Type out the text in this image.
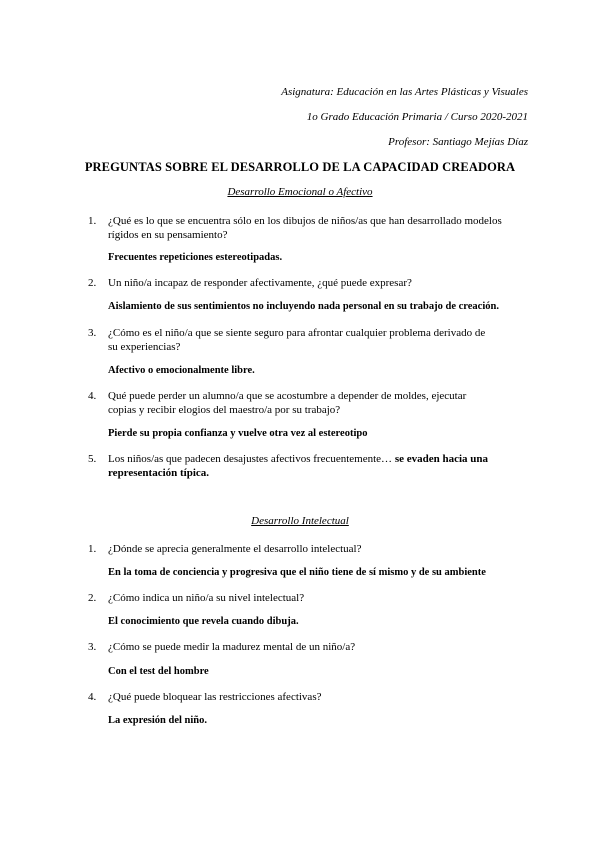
Asignatura: Educación en las Artes Plásticas y Visuales
1o Grado Educación Primaria / Curso 2020-2021
Profesor: Santiago Mejías Díaz
PREGUNTAS SOBRE EL DESARROLLO DE LA CAPACIDAD CREADORA
Desarrollo Emocional o Afectivo
1. ¿Qué es lo que se encuentra sólo en los dibujos de niños/as que han desarrollado modelos
rígidos en su pensamiento?
Frecuentes repeticiones estereotipadas.
2. Un niño/a incapaz de responder afectivamente, ¿qué puede expresar?
Aislamiento de sus sentimientos no incluyendo nada personal en su trabajo de creación.
3. ¿Cómo es el niño/a que se siente seguro para afrontar cualquier problema derivado de
su experiencias?
Afectivo o emocionalmente libre.
4. Qué puede perder un alumno/a que se acostumbre a depender de moldes, ejecutar
copias y recibir elogios del maestro/a por su trabajo?
Pierde su propia confianza y vuelve otra vez al estereotipo
5. Los niños/as que padecen desajustes afectivos frecuentemente… se evaden hacia una
representación típica.
Desarrollo Intelectual
1. ¿Dónde se aprecia generalmente el desarrollo intelectual?
En la toma de conciencia y progresiva que el niño tiene de sí mismo y de su ambiente
2. ¿Cómo indica un niño/a su nivel intelectual?
El conocimiento que revela cuando dibuja.
3. ¿Cómo se puede medir la madurez mental de un niño/a?
Con el test del hombre
4. ¿Qué puede bloquear las restricciones afectivas?
La expresión del niño.
